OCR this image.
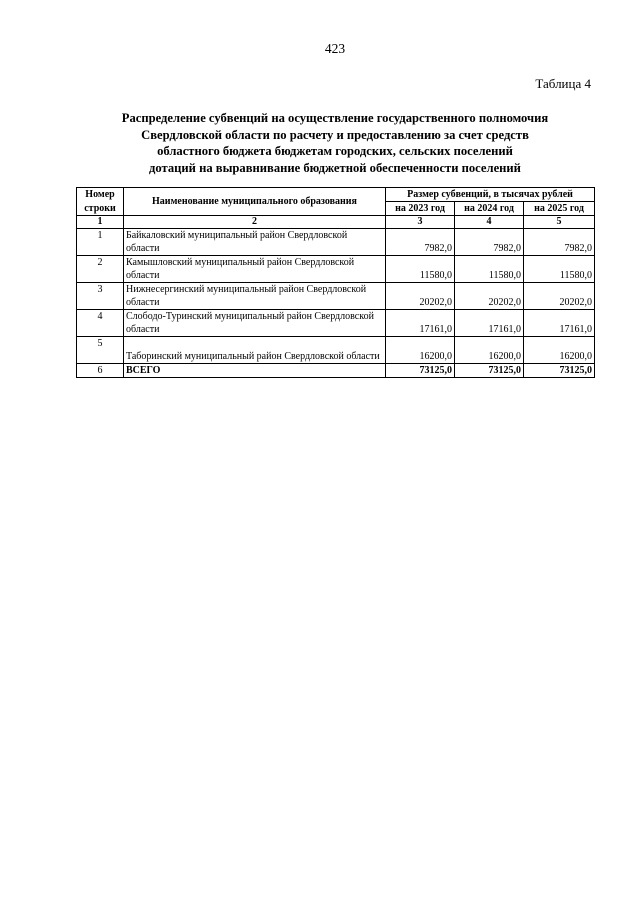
423
Таблица 4
Распределение субвенций на осуществление государственного полномочия
Свердловской области по расчету и предоставлению за счет средств
областного бюджета бюджетам городских, сельских поселений
дотаций на выравнивание бюджетной обеспеченности поселений
Номер строки	Наименование муниципального образования	Размер субвенций, в тысячах рублей		
		на 2023 год	на 2024 год	на 2025 год
1	2	3	4	5
1	Байкаловский муниципальный район Свердловской области	7982,0	7982,0	7982,0
2	Камышловский муниципальный район Свердловской области	11580,0	11580,0	11580,0
3	Нижнесергинский муниципальный район Свердловской области	20202,0	20202,0	20202,0
4	Слободо-Туринский муниципальный район Свердловской области	17161,0	17161,0	17161,0
5	Таборинский муниципальный район Свердловской области	16200,0	16200,0	16200,0
6	ВСЕГО	73125,0	73125,0	73125,0
